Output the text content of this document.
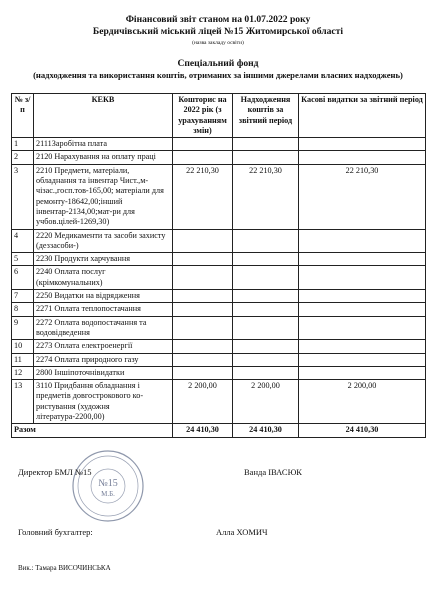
Фінансовий звіт станом на 01.07.2022 року
Бердичівський міський ліцей №15 Житомирської області
(назва закладу освіти)
Спеціальний фонд
(надходження та використання коштів, отриманих за іншими джерелами власних надходжень)
№ з/п	КЕКВ	Кошторис на 2022 рік (з урахуванням змін)	Надходження коштів за звітний період	Касові видатки за звітний період
1	2111Заробітна плата			
2	2120 Нарахування на оплату праці			
3	2210 Предмети, матеріали, обладнання та інвентар Чист.,м-чізас.,госп.тов-165,00; матеріали для ремонту-18642,00;інший інвентар-2134,00;мат-ри для учбов.цілей-1269,30)	22 210,30	22 210,30	22 210,30
4	2220 Медикаменти та засоби захисту (деззасоби-)			
5	2230 Продукти харчування			
6	2240 Оплата послуг (крімкомунальних)			
7	2250 Видатки на відрядження			
8	2271 Оплата теплопостачання			
9	2272 Оплата водопостачання та водовідведення			
10	2273 Оплата електроенергії			
11	2274 Оплата природного газу			
12	2800 Іншіпоточнівидатки			
13	3110 Придбання обладнання і предметів довгострокового ко-ристування (художня література-2200,00)	2 200,00	2 200,00	2 200,00
Разом		24 410,30	24 410,30	24 410,30
№15
М.Б.
Директор БМЛ №15	Ванда ІВАСЮК
Головний бухгалтер:	Алла ХОМИЧ
Вик.: Тамара ВИСОЧИНСЬКА
